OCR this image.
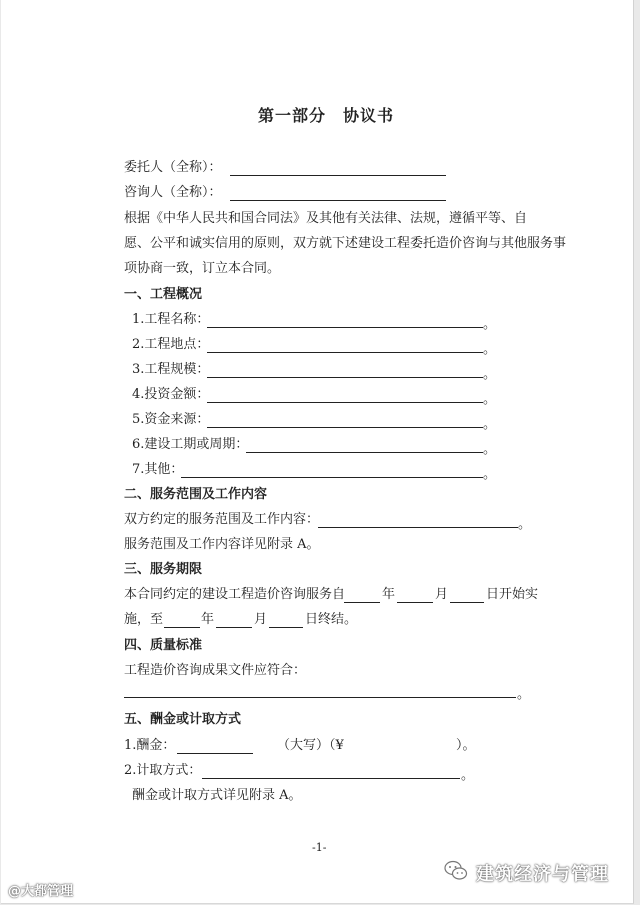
第一部分　协议书
委托人（全称）：
咨询人（全称）：
根据《中华人民共和国合同法》及其他有关法律、法规，遵循平等、自
愿、公平和诚实信用的原则，双方就下述建设工程委托造价咨询与其他服务事
项协商一致，订立本合同。
一、工程概况
1.工程名称：	。
2.工程地点：	。
3.工程规模：	。
4.投资金额：	。
5.资金来源：	。
6.建设工期或周期：	。
7.其他：	。
二、服务范围及工作内容
双方约定的服务范围及工作内容：	。
服务范围及工作内容详见附录 A。
三、服务期限
本合同约定的建设工程造价咨询服务自	年	月	日开始实
施，至	年	月	日终结。
四、质量标准
工程造价咨询成果文件应符合：
。
五、酬金或计取方式
1.酬金：	（大写）（¥	）。
2.计取方式：	。
酬金或计取方式详见附录 A。
-1-
@大都管理
建筑经济与管理
